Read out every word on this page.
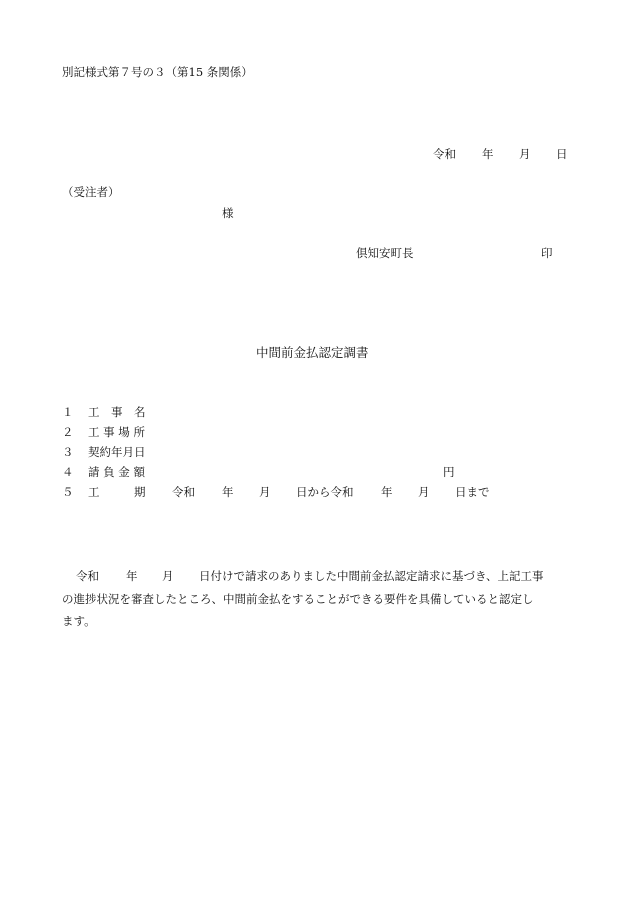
別記様式第７号の３（第15 条関係）
令和 年 月 日
（受注者）
様
倶知安町長	印
中間前金払認定調書
１ 工　事　名
２ 工 事 場 所
３ 契約年月日
４ 請 負 金 額	円
５ 工　　　期 令和 年 月 日から令和 年 月 日まで
令和 年 月 日付けで請求のありました中間前金払認定請求に基づき、上記工事
の進捗状況を審査したところ、中間前金払をすることができる要件を具備していると認定し
ます。
